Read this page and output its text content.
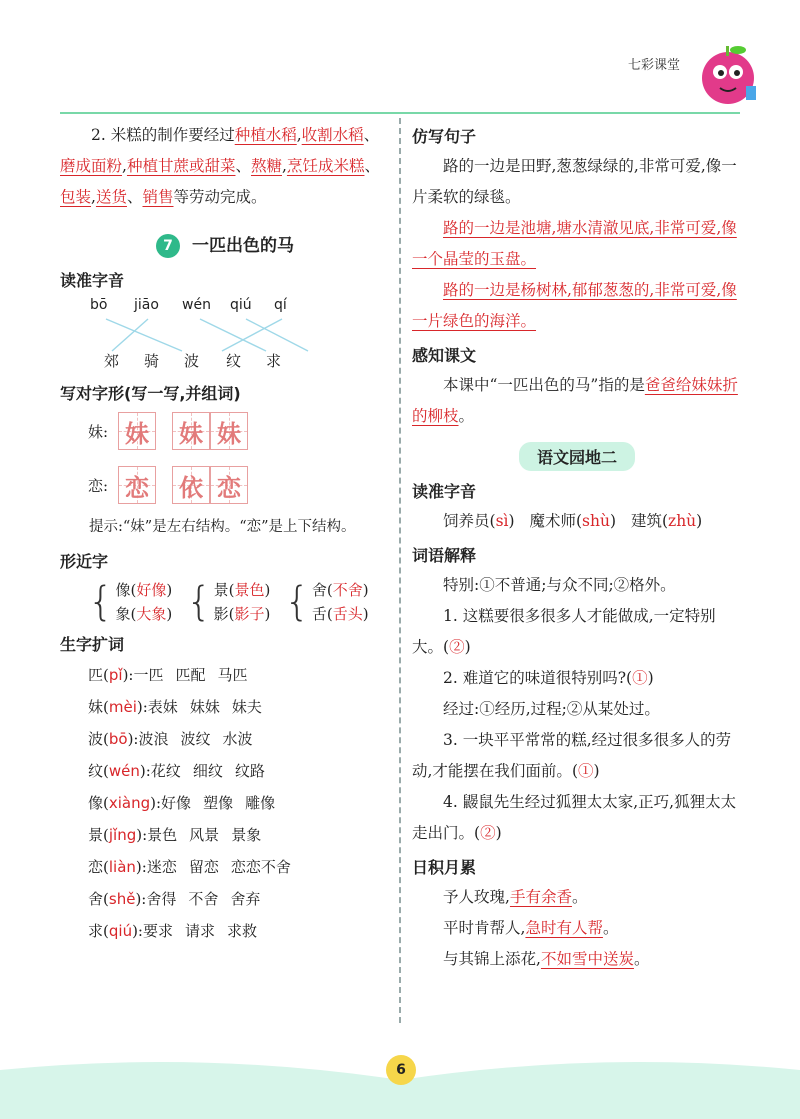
七彩课堂

2. 米糕的制作要经过种植水稻,收割水稻、磨成面粉,种植甘蔗或甜菜、熬糖,烹饪成米糕、包装,送货、销售等劳动完成。

7 一匹出色的马
读准字音
bō jiāo wén qiú qí
郊 骑 波 纹 求
写对字形(写一写,并组词)
妹: 妹 妹 妹
恋: 恋 依 恋

提示:“妹”是左右结构。“恋”是上下结构。

形近字
{ 像(好像)
象(大象) { 景(景色)
影(影子) { 舍(不舍)
舌(舌头)
生字扩词
匹(pǐ):一匹 匹配 马匹
妹(mèi):表妹 妹妹 妹夫
波(bō):波浪 波纹 水波
纹(wén):花纹 细纹 纹路
像(xiàng):好像 塑像 雕像
景(jǐng):景色 风景 景象
恋(liàn):迷恋 留恋 恋恋不舍
舍(shě):舍得 不舍 舍弃
求(qiú):要求 请求 求救
仿写句子

路的一边是田野,葱葱绿绿的,非常可爱,像一片柔软的绿毯。

路的一边是池塘,塘水清澈见底,非常可爱,像一个晶莹的玉盘。

路的一边是杨树林,郁郁葱葱的,非常可爱,像一片绿色的海洋。

感知课文

本课中“一匹出色的马”指的是爸爸给妹妹折的柳枝。

语文园地二
读准字音

饲养员(sì) 魔术师(shù) 建筑(zhù)

词语解释

特别:①不普通;与众不同;②格外。

1. 这糕要很多很多人才能做成,一定特别大。(②)

2. 难道它的味道很特别吗?(①)

经过:①经历,过程;②从某处过。

3. 一块平平常常的糕,经过很多很多人的劳动,才能摆在我们面前。(①)

4. 鼹鼠先生经过狐狸太太家,正巧,狐狸太太走出门。(②)

日积月累

予人玫瑰,手有余香。

平时肯帮人,急时有人帮。

与其锦上添花,不如雪中送炭。

6
